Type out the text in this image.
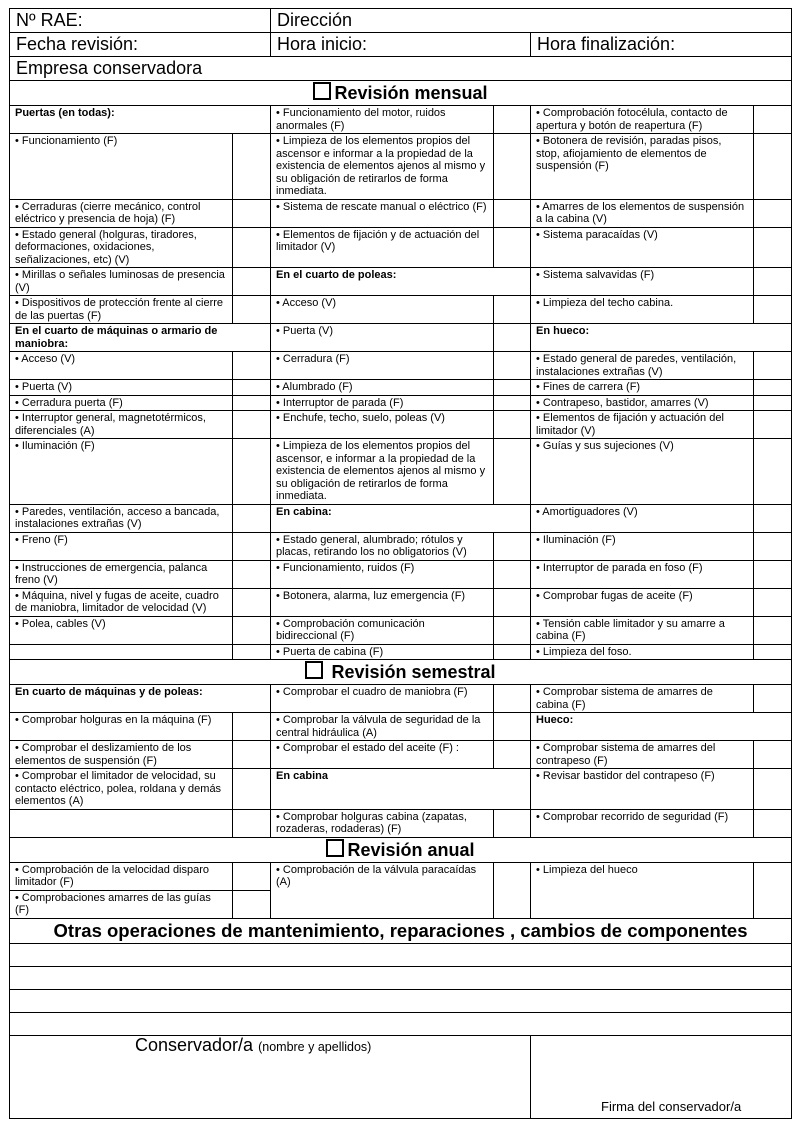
Nº RAE:		Dirección			
Fecha revisión:		Hora inicio:		Hora finalización:	
Empresa conservadora					
Revisión mensual					
Puertas (en todas):		• Funcionamiento del motor, ruidos anormales (F)		• Comprobación fotocélula, contacto de apertura y botón de reapertura (F)	
• Funcionamiento (F)		• Limpieza de los elementos propios del ascensor e informar a la propiedad de la existencia de elementos ajenos al mismo y su obligación de retirarlos de forma inmediata.		• Botonera de revisión, paradas pisos, stop, afiojamiento de elementos de suspensión (F)	
• Cerraduras (cierre mecánico, control eléctrico y presencia de hoja) (F)		• Sistema de rescate manual o eléctrico (F)		• Amarres de los elementos de suspensión a la cabina (V)	
• Estado general (holguras, tiradores, deformaciones, oxidaciones, señalizaciones, etc) (V)		• Elementos de fijación y de actuación del limitador (V)		• Sistema paracaídas (V)	
• Mirillas o señales luminosas de presencia (V)		En el cuarto de poleas:		• Sistema salvavidas (F)	
• Dispositivos de protección frente al cierre de las puertas (F)		• Acceso (V)		• Limpieza del techo cabina.	
En el cuarto de máquinas o armario de maniobra:		• Puerta (V)		En hueco:	
• Acceso (V)		• Cerradura (F)		• Estado general de paredes, ventilación, instalaciones extrañas (V)	
• Puerta (V)		• Alumbrado (F)		• Fines de carrera (F)	
• Cerradura puerta (F)		• Interruptor de parada (F)		• Contrapeso, bastidor, amarres (V)	
• Interruptor general, magnetotérmicos, diferenciales (A)		• Enchufe, techo, suelo, poleas (V)		• Elementos de fijación y actuación del limitador (V)	
• Iluminación (F)		• Limpieza de los elementos propios del ascensor, e informar a la propiedad de la existencia de elementos ajenos al mismo y su obligación de retirarlos de forma inmediata.		• Guías y sus sujeciones (V)	
• Paredes, ventilación, acceso a bancada, instalaciones extrañas (V)		En cabina:		• Amortiguadores (V)	
• Freno (F)		• Estado general, alumbrado; rótulos y placas, retirando los no obligatorios (V)		• Iluminación (F)	
• Instrucciones de emergencia, palanca freno (V)		• Funcionamiento, ruidos (F)		• Interruptor de parada en foso (F)	
• Máquina, nivel y fugas de aceite, cuadro de maniobra, limitador de velocidad (V)		• Botonera, alarma, luz emergencia (F)		• Comprobar fugas de aceite (F)	
• Polea, cables (V)		• Comprobación comunicación bidireccional (F)		• Tensión cable limitador y su amarre a cabina (F)	
		• Puerta de cabina (F)		• Limpieza del foso.	
Revisión semestral					
En cuarto de máquinas y de poleas:		• Comprobar el cuadro de maniobra (F)		• Comprobar sistema de amarres de cabina (F)	
• Comprobar holguras en la máquina (F)		• Comprobar la válvula de seguridad de la central hidráulica (A)		Hueco:	
• Comprobar el deslizamiento de los elementos de suspensión (F)		• Comprobar el estado del aceite (F) :		• Comprobar sistema de amarres del contrapeso (F)	
• Comprobar el limitador de velocidad, su contacto eléctrico, polea, roldana y demás elementos (A)		En cabina		• Revisar bastidor del contrapeso (F)	
		• Comprobar holguras cabina (zapatas, rozaderas, rodaderas) (F)		• Comprobar recorrido de seguridad (F)	
Revisión anual					
• Comprobación de la velocidad disparo limitador (F)		• Comprobación de la válvula paracaídas (A)		• Limpieza del hueco	
• Comprobaciones amarres de las guías (F)					
Otras operaciones de mantenimiento, reparaciones , cambios de componentes					

Conservador/a (nombre y apellidos)				Firma del conservador/a	
